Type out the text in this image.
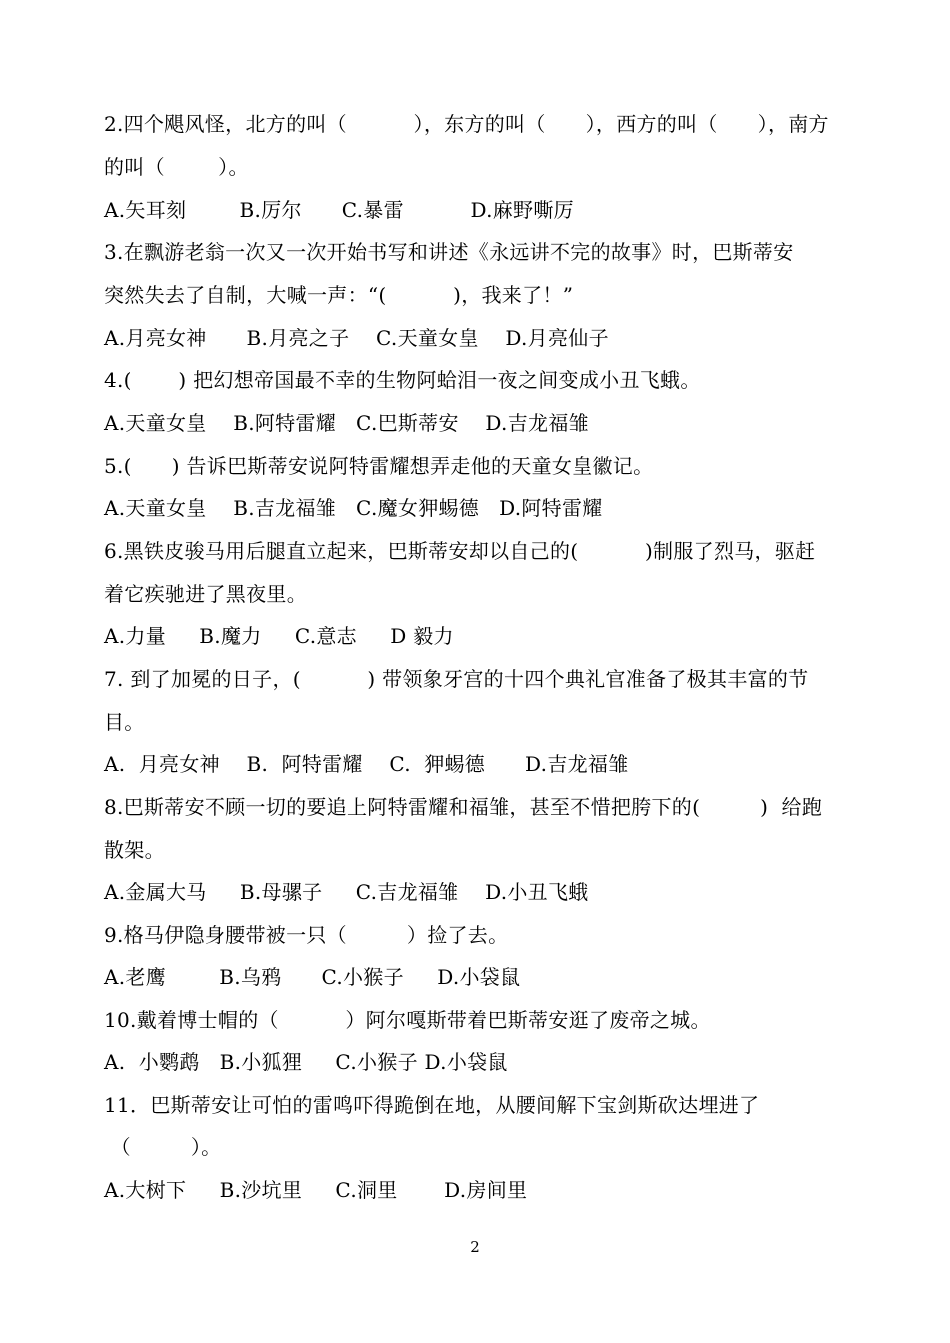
2.四个飓风怪，北方的叫（          ），东方的叫（      ），西方的叫（      ），南方
的叫（        ）。
A.矢耳刻        B.厉尔      C.暴雷          D.麻野嘶厉
3.在飘游老翁一次又一次开始书写和讲述《永远讲不完的故事》时，巴斯蒂安
突然失去了自制，大喊一声：“(          )，我来了！”
A.月亮女神      B.月亮之子    C.天童女皇    D.月亮仙子
4.(       ) 把幻想帝国最不幸的生物阿蛤泪一夜之间变成小丑飞蛾。
A.天童女皇    B.阿特雷耀   C.巴斯蒂安    D.吉龙福雏
5.(      ) 告诉巴斯蒂安说阿特雷耀想弄走他的天童女皇徽记。
A.天童女皇    B.吉龙福雏   C.魔女狎蜴德   D.阿特雷耀
6.黑铁皮骏马用后腿直立起来，巴斯蒂安却以自己的(          )制服了烈马，驱赶
着它疾驰进了黑夜里。
A.力量     B.魔力     C.意志     D 毅力
7. 到了加冕的日子，(          ) 带领象牙宫的十四个典礼官准备了极其丰富的节
目。
A.  月亮女神    B.  阿特雷耀    C.  狎蜴德      D.吉龙福雏
8.巴斯蒂安不顾一切的要追上阿特雷耀和福雏，甚至不惜把胯下的(         )  给跑
散架。
A.金属大马     B.母骡子     C.吉龙福雏    D.小丑飞蛾
9.格马伊隐身腰带被一只（         ）捡了去。
A.老鹰        B.乌鸦      C.小猴子     D.小袋鼠
10.戴着博士帽的（          ）阿尔嘎斯带着巴斯蒂安逛了废帝之城。
A.  小鹦鹉   B.小狐狸     C.小猴子 D.小袋鼠
11．巴斯蒂安让可怕的雷鸣吓得跪倒在地，从腰间解下宝剑斯砍达埋进了
（         ）。
A.大树下     B.沙坑里     C.洞里       D.房间里
2
